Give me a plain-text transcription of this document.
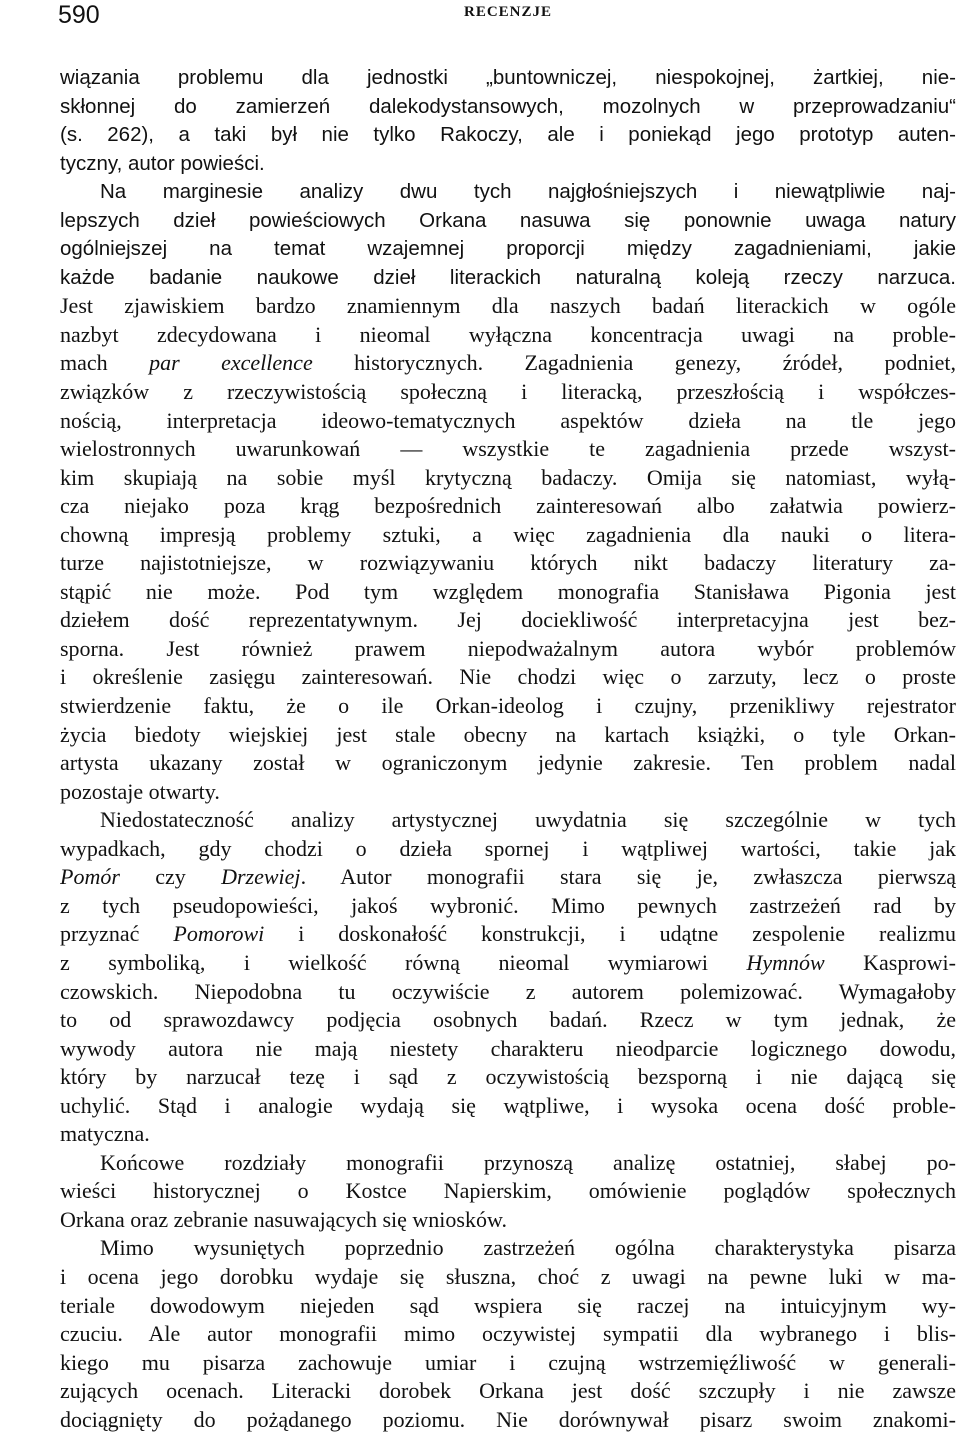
590	RECENZJE
wiązania problemu dla jednostki „buntowniczej, niespokojnej, żartkiej, nie-
skłonnej do zamierzeń dalekodystansowych, mozolnych w przeprowadzaniu“
(s. 262), a taki był nie tylko Rakoczy, ale i poniekąd jego prototyp auten-
tyczny, autor powieści.
Na marginesie analizy dwu tych najgłośniejszych i niewątpliwie naj-
lepszych dzieł powieściowych Orkana nasuwa się ponownie uwaga natury
ogólniejszej na temat wzajemnej proporcji między zagadnieniami, jakie
każde badanie naukowe dzieł literackich naturalną koleją rzeczy narzuca.
Jest zjawiskiem bardzo znamiennym dla naszych badań literackich w ogóle
nazbyt zdecydowana i nieomal wyłączna koncentracja uwagi na proble-
mach par excellence historycznych. Zagadnienia genezy, źródeł, podniet,
związków z rzeczywistością społeczną i literacką, przeszłością i współczes-
nością, interpretacja ideowo-tematycznych aspektów dzieła na tle jego
wielostronnych uwarunkowań — wszystkie te zagadnienia przede wszyst-
kim skupiają na sobie myśl krytyczną badaczy. Omija się natomiast, wyłą-
cza niejako poza krąg bezpośrednich zainteresowań albo załatwia powierz-
chowną impresją problemy sztuki, a więc zagadnienia dla nauki o litera-
turze najistotniejsze, w rozwiązywaniu których nikt badaczy literatury za-
stąpić nie może. Pod tym względem monografia Stanisława Pigonia jest
dziełem dość reprezentatywnym. Jej dociekliwość interpretacyjna jest bez-
sporna. Jest również prawem niepodważalnym autora wybór problemów
i określenie zasięgu zainteresowań. Nie chodzi więc o zarzuty, lecz o proste
stwierdzenie faktu, że o ile Orkan-ideolog i czujny, przenikliwy rejestrator
życia biedoty wiejskiej jest stale obecny na kartach książki, o tyle Orkan-
artysta ukazany został w ograniczonym jedynie zakresie. Ten problem nadal
pozostaje otwarty.
Niedostateczność analizy artystycznej uwydatnia się szczególnie w tych
wypadkach, gdy chodzi o dzieła spornej i wątpliwej wartości, takie jak
Pomór czy Drzewiej. Autor monografii stara się je, zwłaszcza pierwszą
z tych pseudopowieści, jakoś wybronić. Mimo pewnych zastrzeżeń rad by
przyznać Pomorowi i doskonałość konstrukcji, i udątne zespolenie realizmu
z symboliką, i wielkość równą nieomal wymiarowi Hymnów Kasprowi-
czowskich. Niepodobna tu oczywiście z autorem polemizować. Wymagałoby
to od sprawozdawcy podjęcia osobnych badań. Rzecz w tym jednak, że
wywody autora nie mają niestety charakteru nieodparcie logicznego dowodu,
który by narzucał tezę i sąd z oczywistością bezsporną i nie dającą się
uchylić. Stąd i analogie wydają się wątpliwe, i wysoka ocena dość proble-
matyczna.
Końcowe rozdziały monografii przynoszą analizę ostatniej, słabej po-
wieści historycznej o Kostce Napierskim, omówienie poglądów społecznych
Orkana oraz zebranie nasuwających się wniosków.
Mimo wysuniętych poprzednio zastrzeżeń ogólna charakterystyka pisarza
i ocena jego dorobku wydaje się słuszna, choć z uwagi na pewne luki w ma-
teriale dowodowym niejeden sąd wspiera się raczej na intuicyjnym wy-
czuciu. Ale autor monografii mimo oczywistej sympatii dla wybranego i blis-
kiego mu pisarza zachowuje umiar i czujną wstrzemięźliwość w generali-
zujących ocenach. Literacki dorobek Orkana jest dość szczupły i nie zawsze
dociągnięty do pożądanego poziomu. Nie dorównywał pisarz swoim znakomi-
